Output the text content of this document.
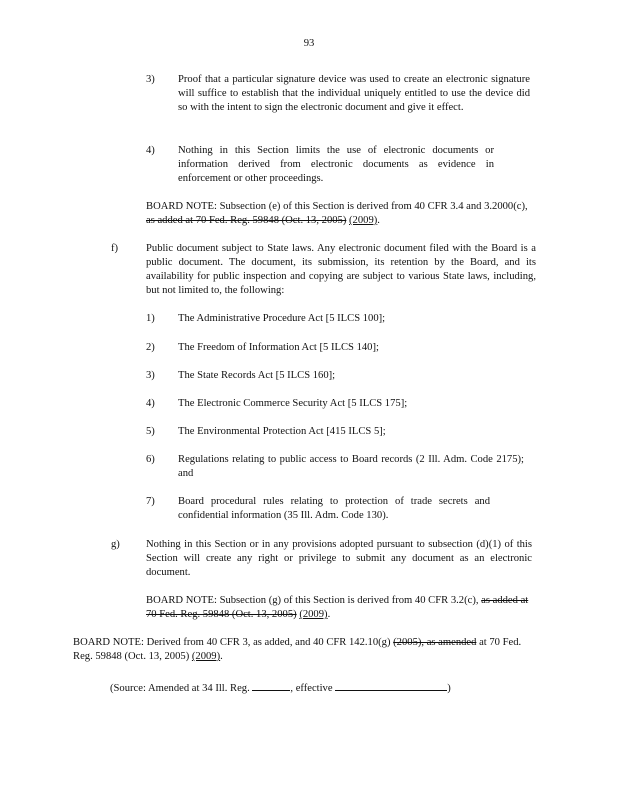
93
3) Proof that a particular signature device was used to create an electronic signature will suffice to establish that the individual uniquely entitled to use the device did so with the intent to sign the electronic document and give it effect.
4) Nothing in this Section limits the use of electronic documents or information derived from electronic documents as evidence in enforcement or other proceedings.
BOARD NOTE: Subsection (e) of this Section is derived from 40 CFR 3.4 and 3.2000(c), as added at 70 Fed. Reg. 59848 (Oct. 13, 2005) (2009).
f)	Public document subject to State laws. Any electronic document filed with the Board is a public document. The document, its submission, its retention by the Board, and its availability for public inspection and copying are subject to various State laws, including, but not limited to, the following:
1) The Administrative Procedure Act [5 ILCS 100];
2) The Freedom of Information Act [5 ILCS 140];
3) The State Records Act [5 ILCS 160];
4) The Electronic Commerce Security Act [5 ILCS 175];
5) The Environmental Protection Act [415 ILCS 5];
6) Regulations relating to public access to Board records (2 Ill. Adm. Code 2175); and
7) Board procedural rules relating to protection of trade secrets and confidential information (35 Ill. Adm. Code 130).
g) Nothing in this Section or in any provisions adopted pursuant to subsection (d)(1) of this Section will create any right or privilege to submit any document as an electronic document.
BOARD NOTE: Subsection (g) of this Section is derived from 40 CFR 3.2(c), as added at 70 Fed. Reg. 59848 (Oct. 13, 2005) (2009).
BOARD NOTE: Derived from 40 CFR 3, as added, and 40 CFR 142.10(g) (2005), as amended at 70 Fed. Reg. 59848 (Oct. 13, 2005) (2009).
(Source: Amended at 34 Ill. Reg.	, effective	)
